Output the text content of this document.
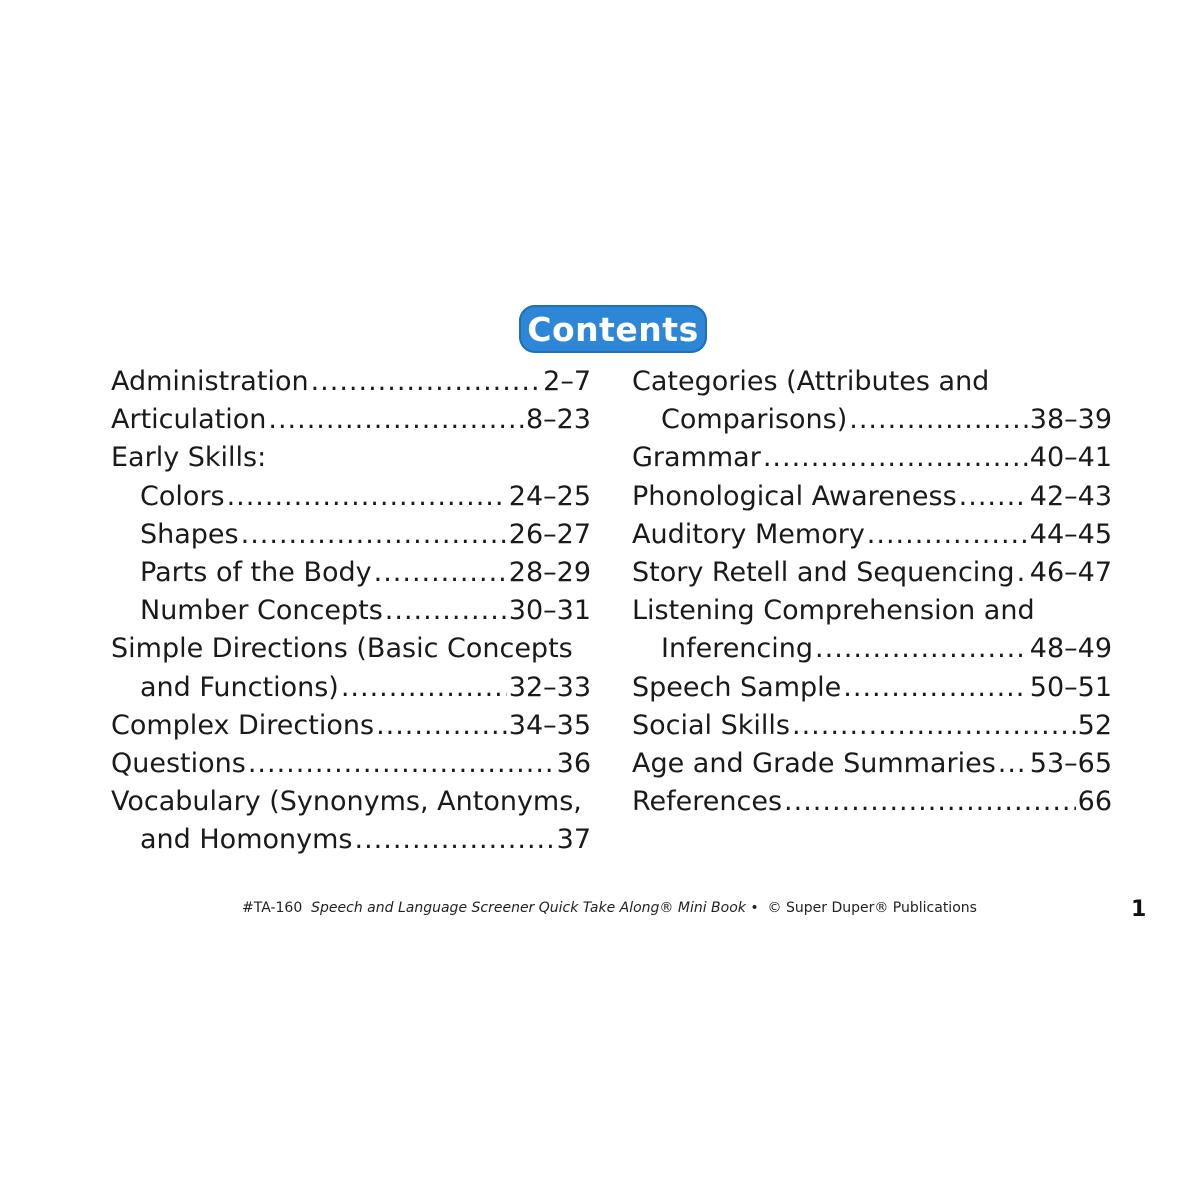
Contents
Administration .....	2–7
Articulation .....	8–23
Early Skills:
Colors .....	24–25
Shapes .....	26–27
Parts of the Body .....	28–29
Number Concepts .....	30–31
Simple Directions (Basic Concepts
and Functions) .....	32–33
Complex Directions .....	34–35
Questions .....	36
Vocabulary (Synonyms, Antonyms,
and Homonyms .....	37
Categories (Attributes and
Comparisons) .....	38–39
Grammar .....	40–41
Phonological Awareness .....	42–43
Auditory Memory .....	44–45
Story Retell and Sequencing ..... 46–47
Listening Comprehension and
Inferencing .....	48–49
Speech Sample .....	50–51
Social Skills .....	52
Age and Grade Summaries ..... 53–65
References .....	66
#TA-160 Speech and Language Screener Quick Take Along® Mini Book • © Super Duper® Publications	1
